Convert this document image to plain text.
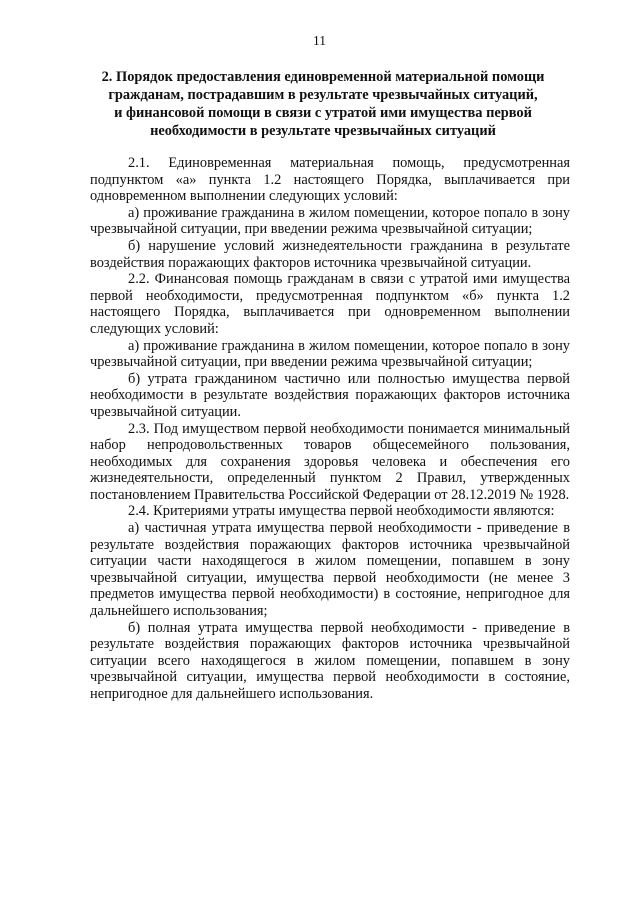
11
2. Порядок предоставления единовременной материальной помощи
гражданам, пострадавшим в результате чрезвычайных ситуаций,
и финансовой помощи в связи с утратой ими имущества первой
необходимости в результате чрезвычайных ситуаций

2.1. Единовременная материальная помощь, предусмотренная подпунктом «а» пункта 1.2 настоящего Порядка, выплачивается при одновременном выполнении следующих условий:

а) проживание гражданина в жилом помещении, которое попало в зону чрезвычайной ситуации, при введении режима чрезвычайной ситуации;

б) нарушение условий жизнедеятельности гражданина в результате воздействия поражающих факторов источника чрезвычайной ситуации.

2.2. Финансовая помощь гражданам в связи с утратой ими имущества первой необходимости, предусмотренная подпунктом «б» пункта 1.2 настоящего Порядка, выплачивается при одновременном выполнении следующих условий:

а) проживание гражданина в жилом помещении, которое попало в зону чрезвычайной ситуации, при введении режима чрезвычайной ситуации;

б) утрата гражданином частично или полностью имущества первой необходимости в результате воздействия поражающих факторов источника чрезвычайной ситуации.

2.3. Под имуществом первой необходимости понимается минимальный набор непродовольственных товаров общесемейного пользования, необходимых для сохранения здоровья человека и обеспечения его жизнедеятельности, определенный пунктом 2 Правил, утвержденных постановлением Правительства Российской Федерации от 28.12.2019 № 1928.

2.4. Критериями утраты имущества первой необходимости являются:

а) частичная утрата имущества первой необходимости - приведение в результате воздействия поражающих факторов источника чрезвычайной ситуации части находящегося в жилом помещении, попавшем в зону чрезвычайной ситуации, имущества первой необходимости (не менее 3 предметов имущества первой необходимости) в состояние, непригодное для дальнейшего использования;

б) полная утрата имущества первой необходимости - приведение в результате воздействия поражающих факторов источника чрезвычайной ситуации всего находящегося в жилом помещении, попавшем в зону чрезвычайной ситуации, имущества первой необходимости в состояние, непригодное для дальнейшего использования.
